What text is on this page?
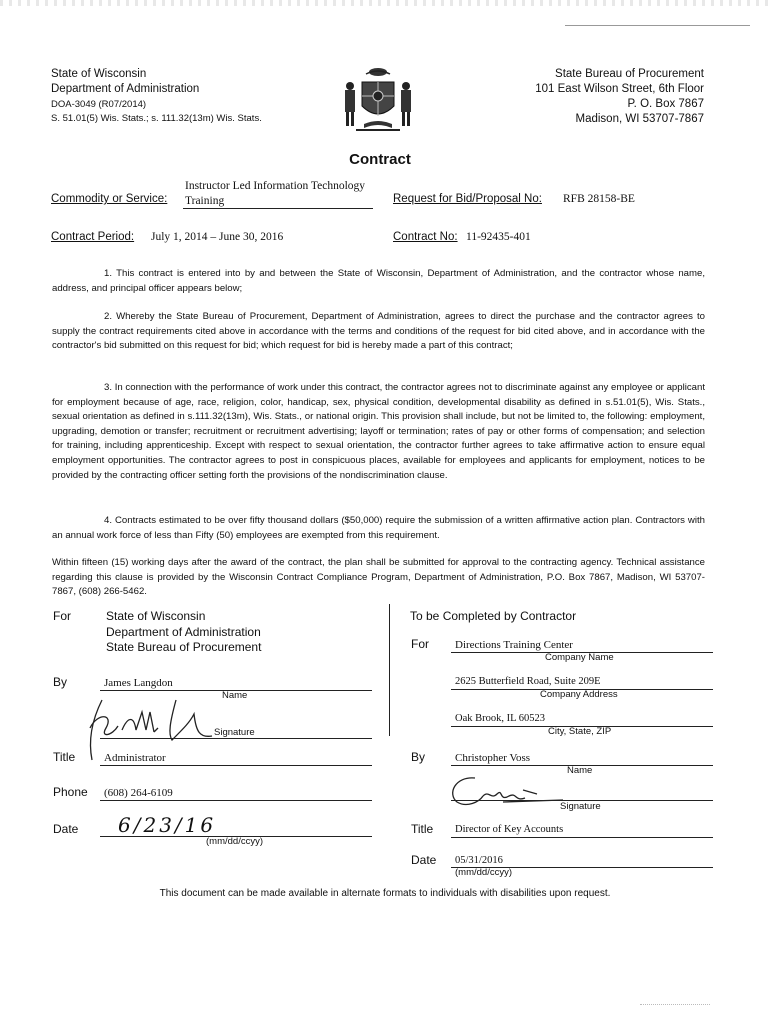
State of Wisconsin
Department of Administration
DOA-3049 (R07/2014)
S. 51.01(5) Wis. Stats.; s. 111.32(13m) Wis. Stats.
State Bureau of Procurement
101 East Wilson Street, 6th Floor
P. O. Box 7867
Madison, WI 53707-7867
Contract
Instructor Led Information Technology
Commodity or Service: Training	Request for Bid/Proposal No: RFB 28158-BE
Contract Period: July 1, 2014 – June 30, 2016	Contract No: 11-92435-401
1. This contract is entered into by and between the State of Wisconsin, Department of Administration, and the contractor whose name, address, and principal officer appears below;
2. Whereby the State Bureau of Procurement, Department of Administration, agrees to direct the purchase and the contractor agrees to supply the contract requirements cited above in accordance with the terms and conditions of the request for bid cited above, and in accordance with the contractor's bid submitted on this request for bid; which request for bid is hereby made a part of this contract;
3. In connection with the performance of work under this contract, the contractor agrees not to discriminate against any employee or applicant for employment because of age, race, religion, color, handicap, sex, physical condition, developmental disability as defined in s.51.01(5), Wis. Stats., sexual orientation as defined in s.111.32(13m), Wis. Stats., or national origin. This provision shall include, but not be limited to, the following: employment, upgrading, demotion or transfer; recruitment or recruitment advertising; layoff or termination; rates of pay or other forms of compensation; and selection for training, including apprenticeship. Except with respect to sexual orientation, the contractor further agrees to take affirmative action to ensure equal employment opportunities. The contractor agrees to post in conspicuous places, available for employees and applicants for employment, notices to be provided by the contracting officer setting forth the provisions of the nondiscrimination clause.
4. Contracts estimated to be over fifty thousand dollars ($50,000) require the submission of a written affirmative action plan. Contractors with an annual work force of less than Fifty (50) employees are exempted from this requirement.
Within fifteen (15) working days after the award of the contract, the plan shall be submitted for approval to the contracting agency. Technical assistance regarding this clause is provided by the Wisconsin Contract Compliance Program, Department of Administration, P.O. Box 7867, Madison, WI 53707-7867, (608) 266-5462.
For	State of Wisconsin
Department of Administration
State Bureau of Procurement
By	James Langdon
Name
Signature
Title	Administrator
Phone (608) 264-6109
Date 6/23/16
(mm/dd/ccyy)
To be Completed by Contractor
For Directions Training Center
Company Name
2625 Butterfield Road, Suite 209E
Company Address
Oak Brook, IL 60523
City, State, ZIP
By	Christopher Voss
Name
Signature
Title Director of Key Accounts
Date 05/31/2016
(mm/dd/ccyy)
This document can be made available in alternate formats to individuals with disabilities upon request.
